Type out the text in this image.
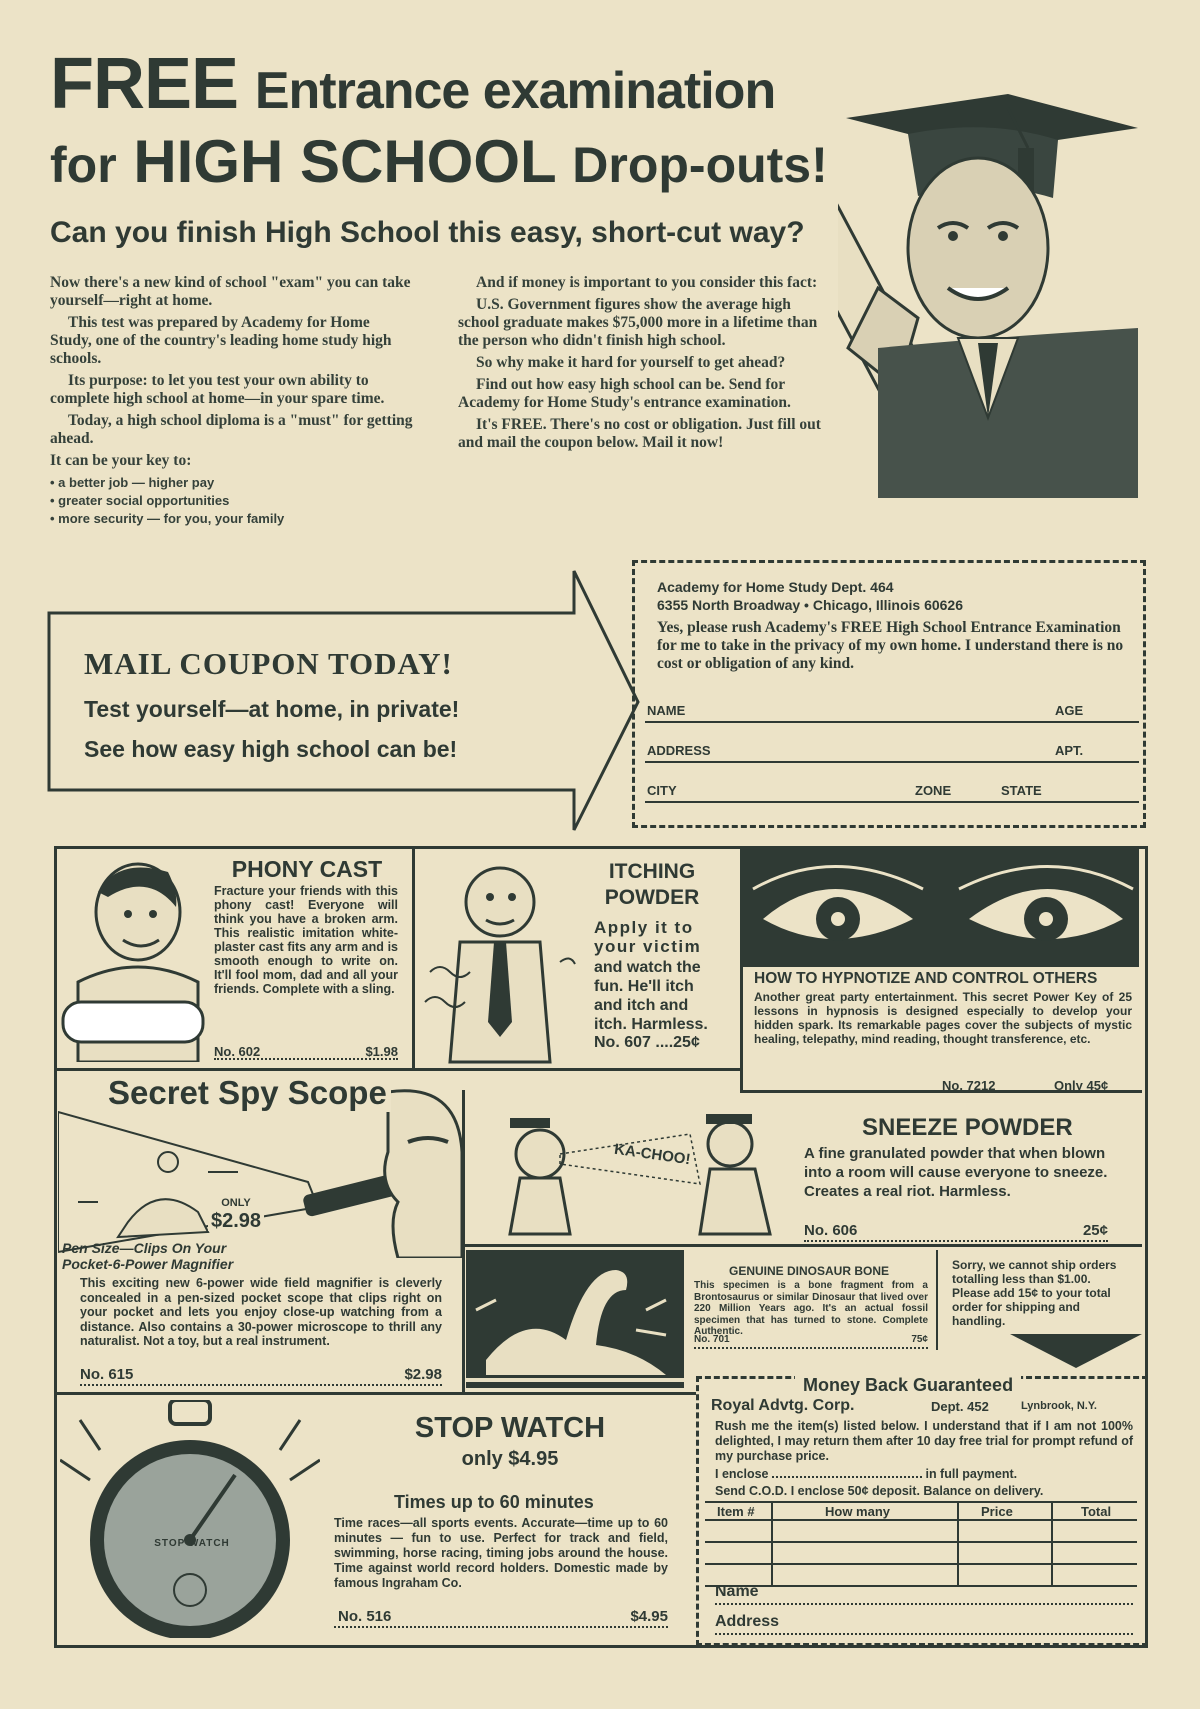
FREE Entrance examination
for HIGH SCHOOL Drop-outs!
Can you finish High School this easy, short-cut way?

Now there's a new kind of school "exam" you can take yourself—right at home.

This test was prepared by Academy for Home Study, one of the country's leading home study high schools.

Its purpose: to let you test your own ability to complete high school at home—in your spare time.

Today, a high school diploma is a "must" for getting ahead.

It can be your key to:

• a better job — higher pay
• greater social opportunities
• more security — for you, your family

And if money is important to you consider this fact:

U.S. Government figures show the average high school graduate makes $75,000 more in a lifetime than the person who didn't finish high school.

So why make it hard for yourself to get ahead?

Find out how easy high school can be. Send for Academy for Home Study's entrance examination.

It's FREE. There's no cost or obligation. Just fill out and mail the coupon below. Mail it now!

MAIL COUPON TODAY!
Test yourself—at home, in private!
See how easy high school can be!
Academy for Home Study Dept. 464
6355 North Broadway • Chicago, Illinois 60626
Yes, please rush Academy's FREE High School Entrance Examination for me to take in the privacy of my own home. I understand there is no cost or obligation of any kind.
NAME	AGE
ADDRESS	APT.
CITY	ZONE	STATE
PHONY CAST
Fracture your friends with this phony cast! Everyone will think you have a broken arm. This realistic imitation white-plaster cast fits any arm and is smooth enough to write on. It'll fool mom, dad and all your friends. Complete with a sling.
No. 602	$1.98
ITCHING
POWDER
Apply it to your victim
and watch the fun. He'll itch and itch and itch. Harmless.
No. 607 ....25¢
HOW TO HYPNOTIZE AND CONTROL OTHERS
Another great party entertainment. This secret Power Key of 25 lessons in hypnosis is designed especially to develop your hidden spark. Its remarkable pages cover the subjects of mystic healing, telepathy, mind reading, thought transference, etc.
No. 7212	Only 45¢
Secret Spy Scope
ONLY
$2.98
Pen Size—Clips On Your
Pocket-6-Power Magnifier
This exciting new 6-power wide field magnifier is cleverly concealed in a pen-sized pocket scope that clips right on your pocket and lets you enjoy close-up watching from a distance. Also contains a 30-power microscope to thrill any naturalist. Not a toy, but a real instrument.
No. 615	$2.98
KA-CHOO!
SNEEZE POWDER
A fine granulated powder that when blown into a room will cause everyone to sneeze. Creates a real riot. Harmless.
No. 606	25¢
GENUINE DINOSAUR BONE
This specimen is a bone fragment from a Brontosaurus or similar Dinosaur that lived over 220 Million Years ago. It's an actual fossil specimen that has turned to stone. Complete Authentic.
No. 701	75¢
Sorry, we cannot ship orders totalling less than $1.00. Please add 15¢ to your total order for shipping and handling.
STOP WATCH
STOP WATCH
only $4.95
Times up to 60 minutes
Time races—all sports events. Accurate—time up to 60 minutes — fun to use. Perfect for track and field, swimming, horse racing, timing jobs around the house. Time against world record holders. Domestic made by famous Ingraham Co.
No. 516	$4.95
Money Back Guaranteed
Royal Advtg. Corp.	Dept. 452	Lynbrook, N.Y.
Rush me the item(s) listed below. I understand that if I am not 100% delighted, I may return them after 10 day free trial for prompt refund of my purchase price.
I enclose	in full payment.
Send C.O.D. I enclose 50¢ deposit. Balance on delivery.
Item #	How many	Price	Total
Name
Address
